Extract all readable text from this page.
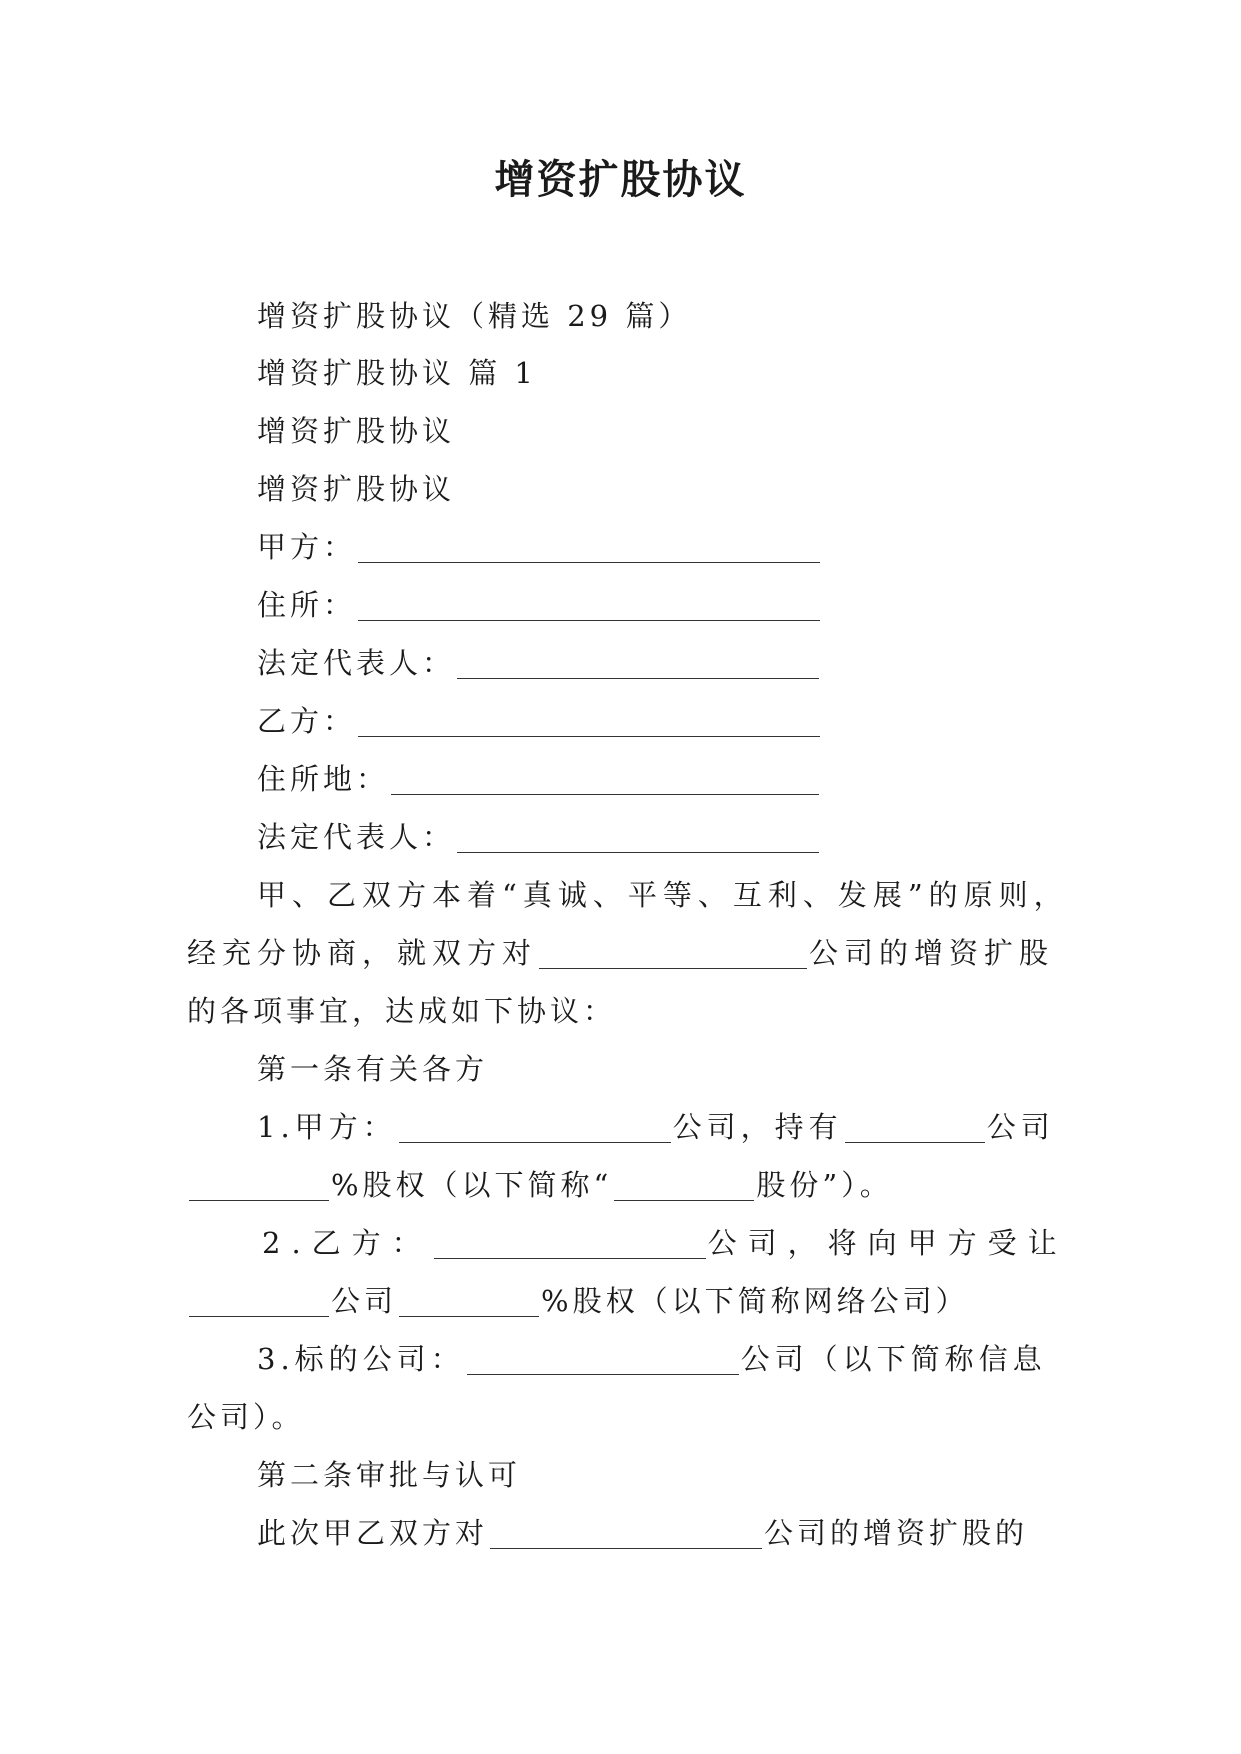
增资扩股协议
增资扩股协议（精选 29 篇）
增资扩股协议 篇 1
增资扩股协议
增资扩股协议
甲方：
住所：
法定代表人：
乙方：
住所地：
法定代表人：
甲、乙双方本着“真诚、平等、互利、发展”的原则，
经充分协商，就双方对	公司的增资扩股
的各项事宜，达成如下协议：
第一条有关各方
1.甲方：	公司，持有	公司
%股权（以下简称“	股份”）。
2.乙方：	公司，将向甲方受让
公司	%股权（以下简称网络公司）
3.标的公司：	公司（以下简称信息
公司）。
第二条审批与认可
此次甲乙双方对	公司的增资扩股的
